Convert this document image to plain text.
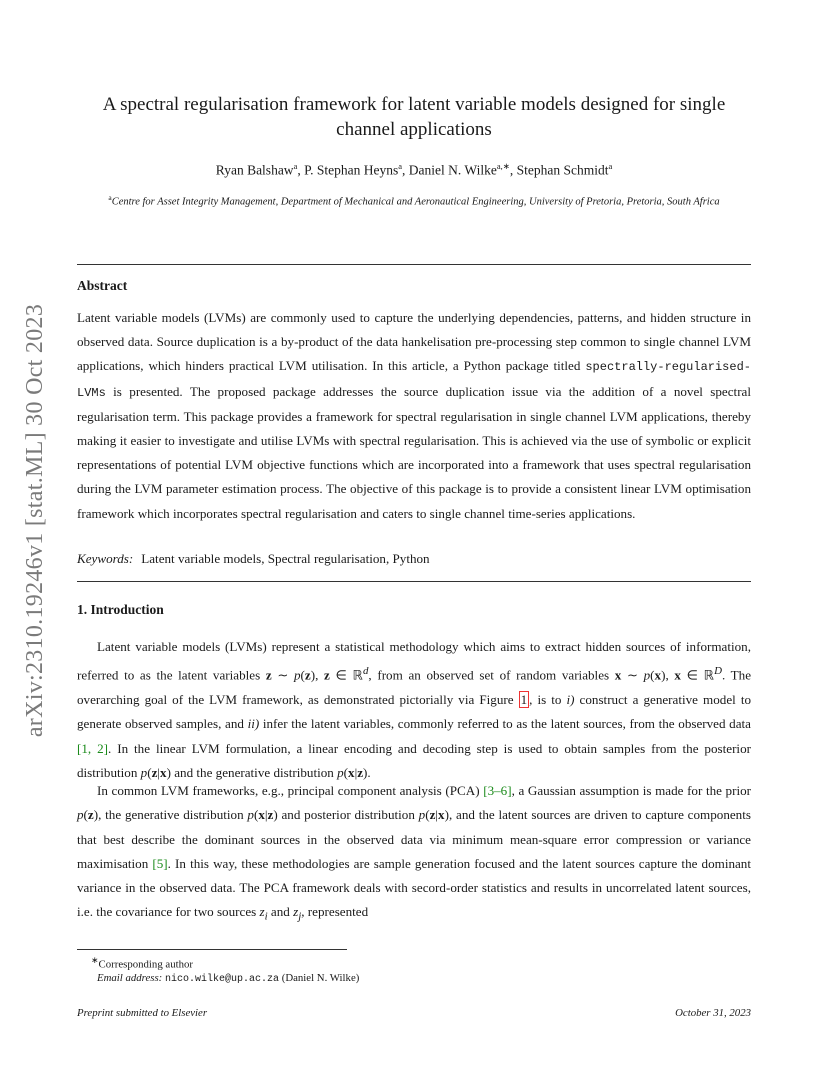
arXiv:2310.19246v1 [stat.ML] 30 Oct 2023
A spectral regularisation framework for latent variable models designed for single
channel applications
Ryan Balshaw$^a$, P. Stephan Heyns$^a$, Daniel N. Wilke$^{a,∗}$, Stephan Schmidt$^a$
$^a$Centre for Asset Integrity Management, Department of Mechanical and Aeronautical Engineering, University of Pretoria, Pretoria, South Africa
Abstract

Latent variable models (LVMs) are commonly used to capture the underlying dependencies, patterns, and hidden structure in observed data. Source duplication is a by-product of the data hankelisation pre-processing step common to single channel LVM applications, which hinders practical LVM utilisation. In this article, a Python package titled spectrally-regularised-LVMs is presented. The proposed package addresses the source duplication issue via the addition of a novel spectral regularisation term. This package provides a framework for spectral regularisation in single channel LVM applications, thereby making it easier to investigate and utilise LVMs with spectral regularisation. This is achieved via the use of symbolic or explicit representations of potential LVM objective functions which are incorporated into a framework that uses spectral regularisation during the LVM parameter estimation process. The objective of this package is to provide a consistent linear LVM optimisation framework which incorporates spectral regularisation and caters to single channel time-series applications.

Keywords: Latent variable models, Spectral regularisation, Python
1. Introduction

Latent variable models (LVMs) represent a statistical methodology which aims to extract hidden sources of information, referred to as the latent variables z ∼ p(z), z ∈ ℝ$^d$, from an observed set of random variables x ∼ p(x), x ∈ ℝ$^D$. The overarching goal of the LVM framework, as demonstrated pictorially via Figure 1 , is to i) construct a generative model to generate observed samples, and ii) infer the latent variables, commonly referred to as the latent sources, from the observed data [1, 2]. In the linear LVM formulation, a linear encoding and decoding step is used to obtain samples from the posterior distribution p(z|x) and the generative distribution p(x|z).

In common LVM frameworks, e.g., principal component analysis (PCA) [3–6], a Gaussian assumption is made for the prior p(z), the generative distribution p(x|z) and posterior distribution p(z|x), and the latent sources are driven to capture components that best describe the dominant sources in the observed data via minimum mean-square error compression or variance maximisation [5]. In this way, these methodologies are sample generation focused and the latent sources capture the dominant variance in the observed data. The PCA framework deals with secord-order statistics and results in uncorrelated latent sources, i.e. the covariance for two sources $z_i$ and $z_j$, represented

∗Corresponding author
Email address: nico.wilke@up.ac.za (Daniel N. Wilke)
Preprint submitted to Elsevier	October 31, 2023
